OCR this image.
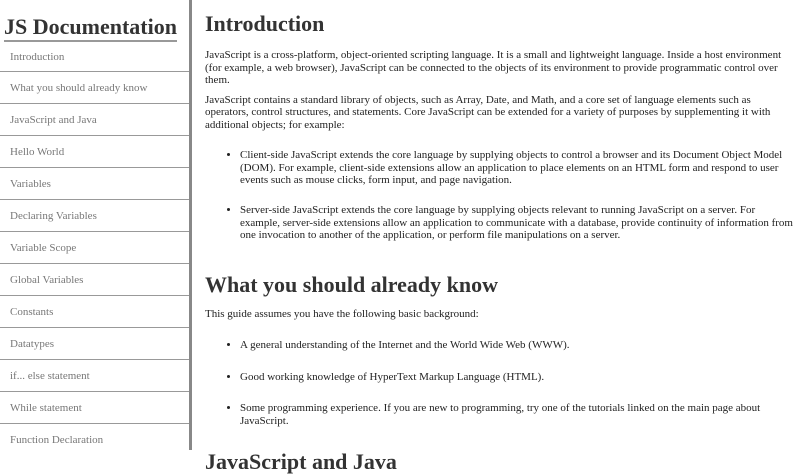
JS Documentation
Introduction
What you should already know
JavaScript and Java
Hello World
Variables
Declaring Variables
Variable Scope
Global Variables
Constants
Datatypes
if... else statement
While statement
Function Declaration
Introduction

JavaScript is a cross-platform, object-oriented scripting language. It is a small and lightweight language. Inside a host environment (for example, a web browser), JavaScript can be connected to the objects of its environment to provide programmatic control over them.

JavaScript contains a standard library of objects, such as Array, Date, and Math, and a core set of language elements such as operators, control structures, and statements. Core JavaScript can be extended for a variety of purposes by supplementing it with additional objects; for example:

• Client-side JavaScript extends the core language by supplying objects to control a browser and its Document Object Model (DOM). For example, client-side extensions allow an application to place elements on an HTML form and respond to user events such as mouse clicks, form input, and page navigation.
• Server-side JavaScript extends the core language by supplying objects relevant to running JavaScript on a server. For example, server-side extensions allow an application to communicate with a database, provide continuity of information from one invocation to another of the application, or perform file manipulations on a server.
What you should already know

This guide assumes you have the following basic background:

• A general understanding of the Internet and the World Wide Web (WWW).
• Good working knowledge of HyperText Markup Language (HTML).
• Some programming experience. If you are new to programming, try one of the tutorials linked on the main page about JavaScript.
JavaScript and Java
